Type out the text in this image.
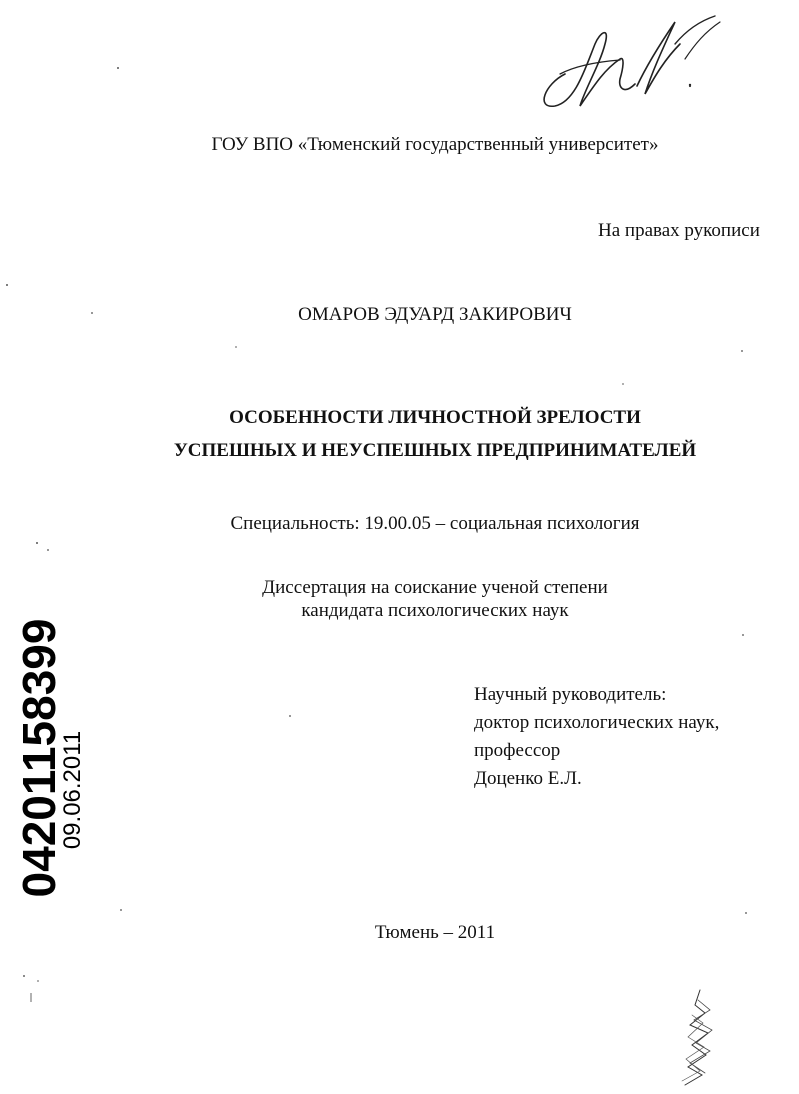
ГОУ ВПО «Тюменский государственный университет»
На правах рукописи
ОМАРОВ ЭДУАРД ЗАКИРОВИЧ
ОСОБЕННОСТИ ЛИЧНОСТНОЙ ЗРЕЛОСТИ
УСПЕШНЫХ И НЕУСПЕШНЫХ ПРЕДПРИНИМАТЕЛЕЙ
Специальность: 19.00.05 – социальная психология
Диссертация на соискание ученой степени
кандидата психологических наук
Научный руководитель:
доктор психологических наук,
профессор
Доценко Е.Л.
Тюмень – 2011
04201158399
09.06.2011
